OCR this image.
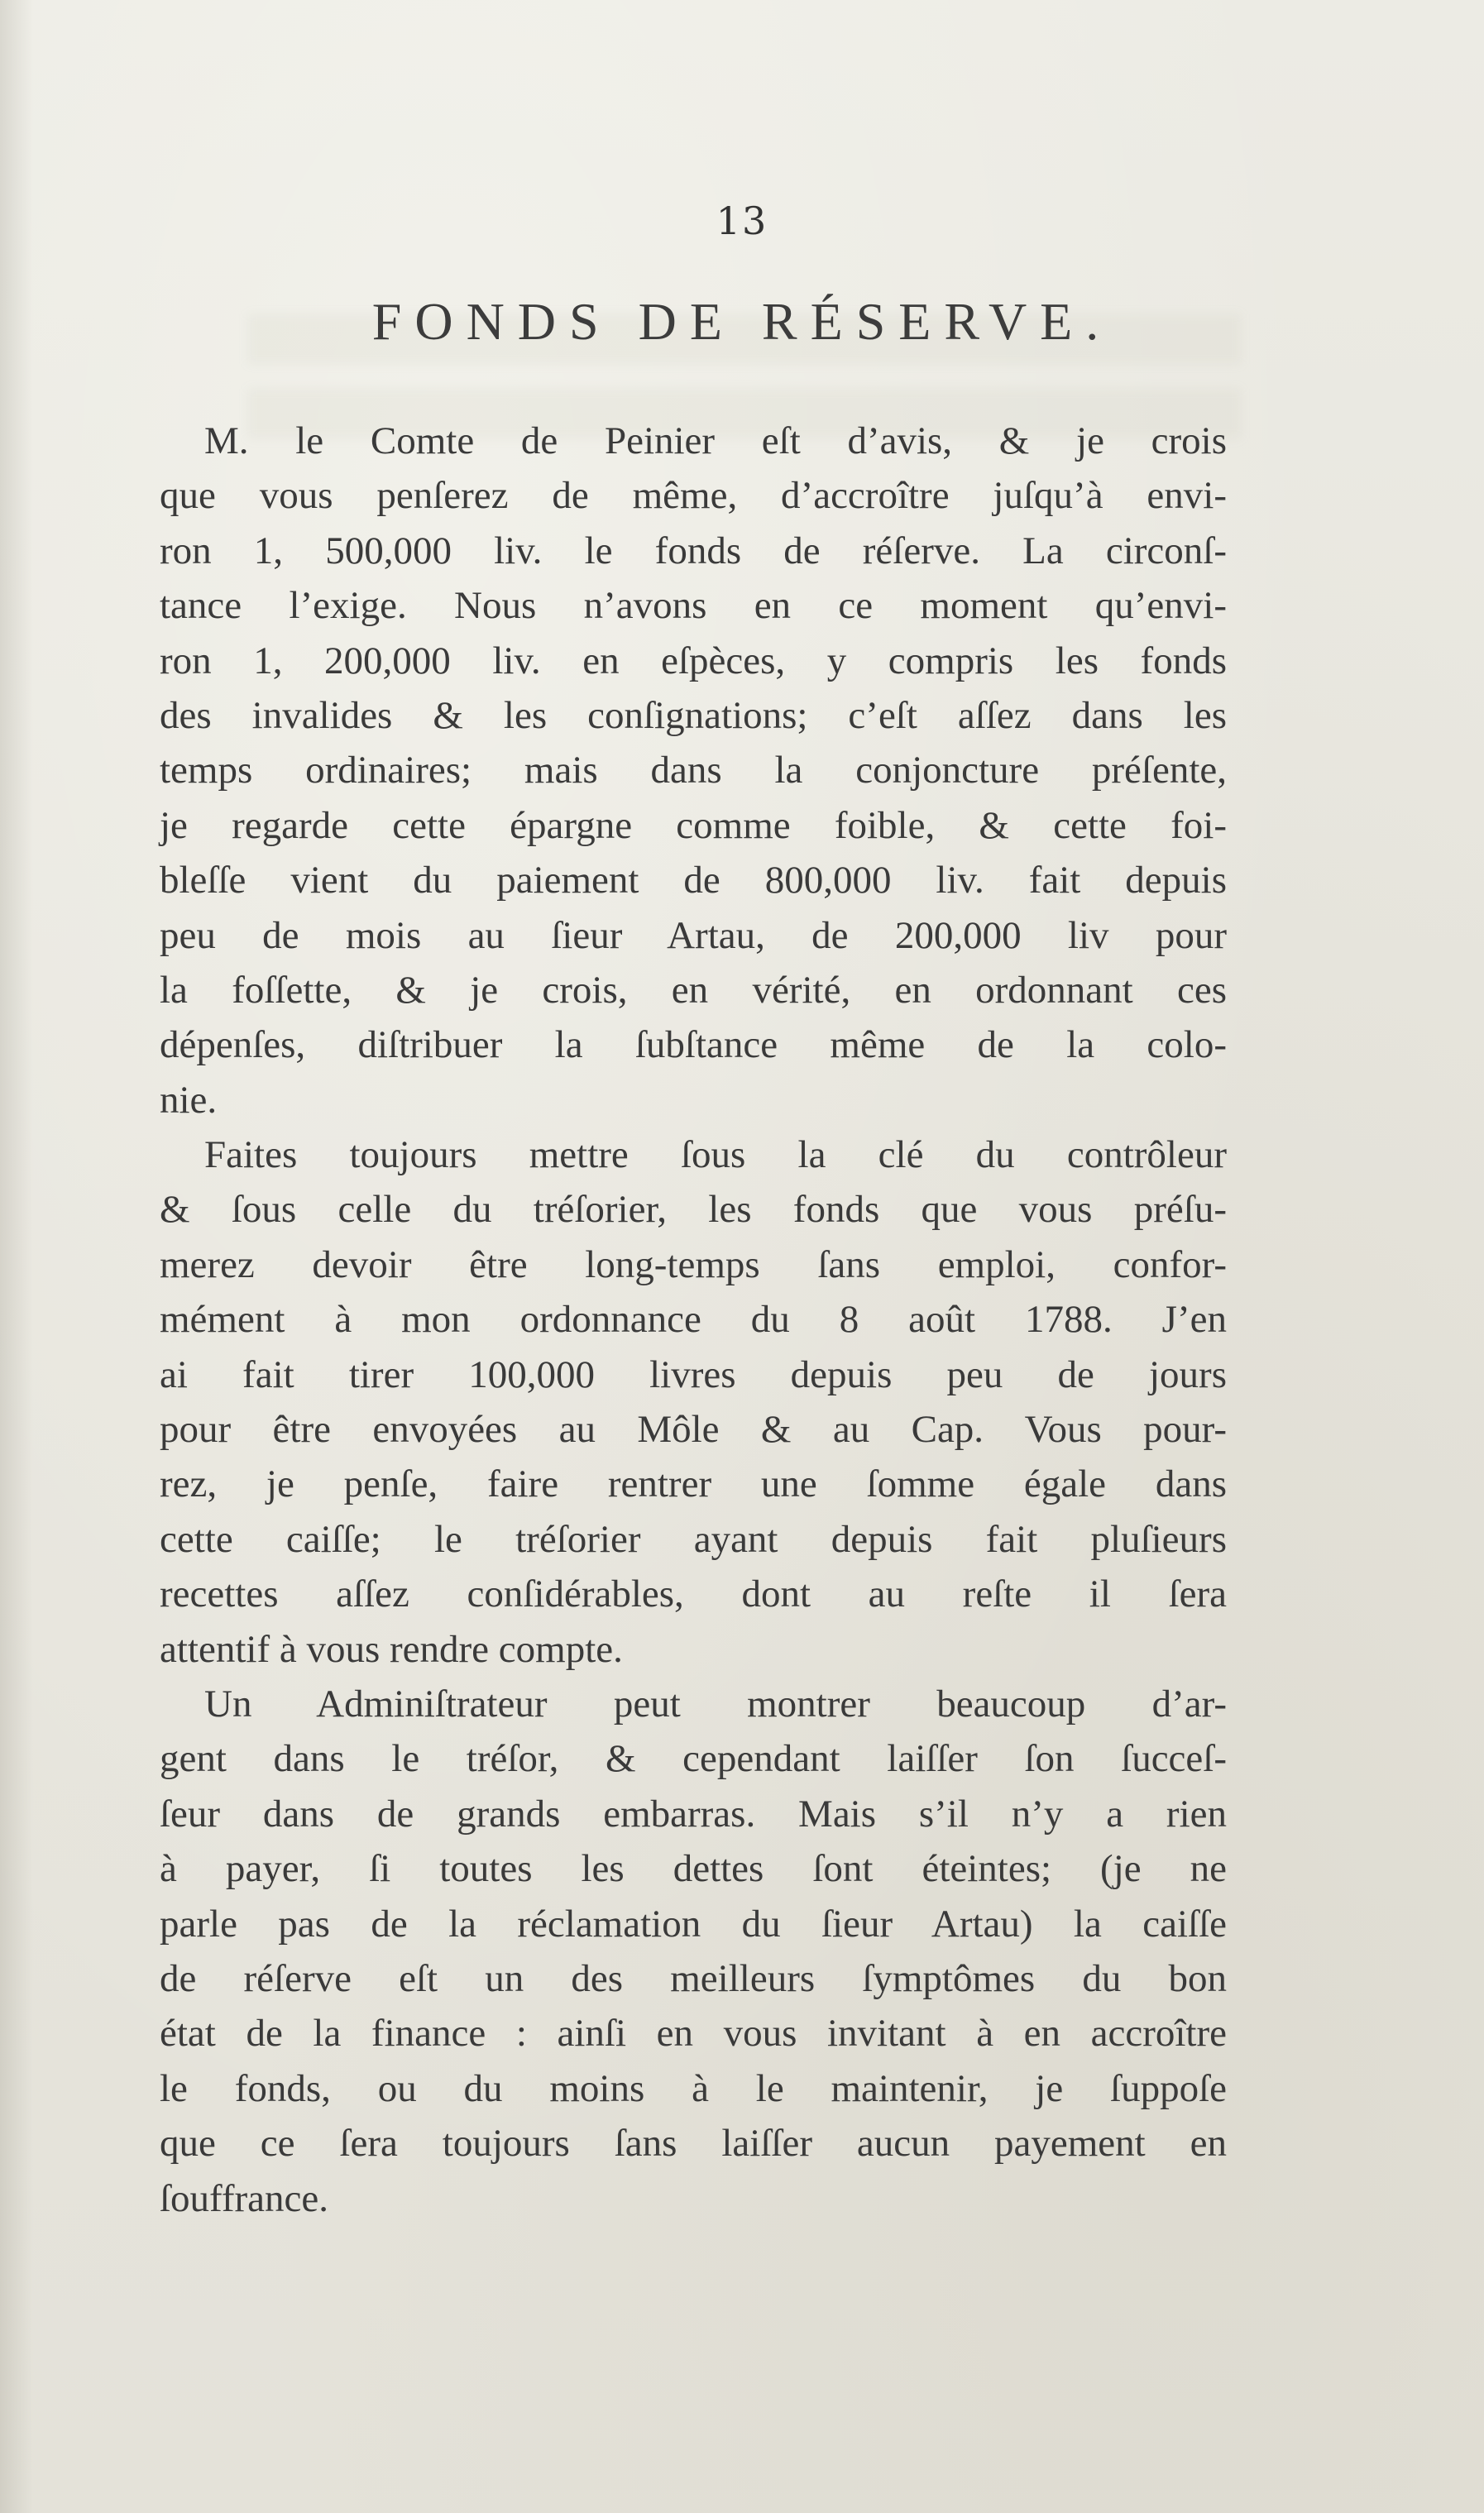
13
FONDS DE RÉSERVE.
M. le Comte de Peinier eſt d’avis, & je crois
que vous penſerez de même, d’accroître juſqu’à envi-
ron 1, 500,000 liv. le fonds de réſerve. La circonſ-
tance l’exige. Nous n’avons en ce moment qu’envi-
ron 1, 200,000 liv. en eſpèces, y compris les fonds
des invalides & les conſignations; c’eſt aſſez dans les
temps ordinaires; mais dans la conjoncture préſente,
je regarde cette épargne comme foible, & cette foi-
bleſſe vient du paiement de 800,000 liv. fait depuis
peu de mois au ſieur Artau, de 200,000 liv pour
la foſſette, & je crois, en vérité, en ordonnant ces
dépenſes, diſtribuer la ſubſtance même de la colo-
nie.
Faites toujours mettre ſous la clé du contrôleur
& ſous celle du tréſorier, les fonds que vous préſu-
merez devoir être long-temps ſans emploi, confor-
mément à mon ordonnance du 8 août 1788. J’en
ai fait tirer 100,000 livres depuis peu de jours
pour être envoyées au Môle & au Cap. Vous pour-
rez, je penſe, faire rentrer une ſomme égale dans
cette caiſſe; le tréſorier ayant depuis fait pluſieurs
recettes aſſez conſidérables, dont au reſte il ſera
attentif à vous rendre compte.
Un Adminiſtrateur peut montrer beaucoup d’ar-
gent dans le tréſor, & cependant laiſſer ſon ſucceſ-
ſeur dans de grands embarras. Mais s’il n’y a rien
à payer, ſi toutes les dettes ſont éteintes; (je ne
parle pas de la réclamation du ſieur Artau) la caiſſe
de réſerve eſt un des meilleurs ſymptômes du bon
état de la finance : ainſi en vous invitant à en accroître
le fonds, ou du moins à le maintenir, je ſuppoſe
que ce ſera toujours ſans laiſſer aucun payement en
ſouffrance.
